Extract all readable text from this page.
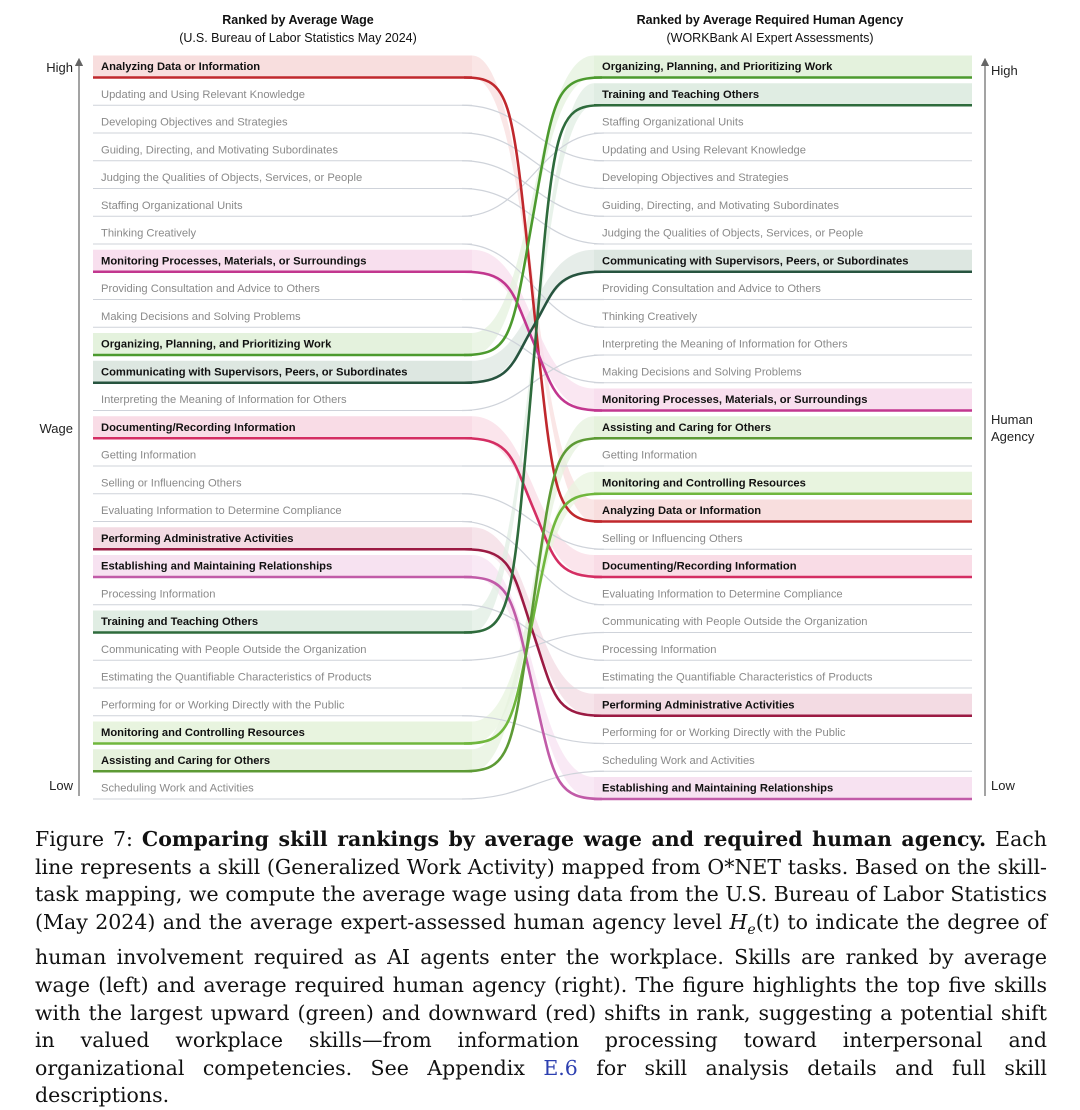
Ranked by Average Wage
(U.S. Bureau of Labor Statistics May 2024)
Ranked by Average Required Human Agency
(WORKBank AI Expert Assessments)
High
Wage
Low
High
Human
Agency
Low
Analyzing Data or Information
Updating and Using Relevant Knowledge
Developing Objectives and Strategies
Guiding, Directing, and Motivating Subordinates
Judging the Qualities of Objects, Services, or People
Staffing Organizational Units
Thinking Creatively
Monitoring Processes, Materials, or Surroundings
Providing Consultation and Advice to Others
Making Decisions and Solving Problems
Organizing, Planning, and Prioritizing Work
Communicating with Supervisors, Peers, or Subordinates
Interpreting the Meaning of Information for Others
Documenting/Recording Information
Getting Information
Selling or Influencing Others
Evaluating Information to Determine Compliance
Performing Administrative Activities
Establishing and Maintaining Relationships
Processing Information
Training and Teaching Others
Communicating with People Outside the Organization
Estimating the Quantifiable Characteristics of Products
Performing for or Working Directly with the Public
Monitoring and Controlling Resources
Assisting and Caring for Others
Scheduling Work and Activities
Organizing, Planning, and Prioritizing Work
Training and Teaching Others
Staffing Organizational Units
Updating and Using Relevant Knowledge
Developing Objectives and Strategies
Guiding, Directing, and Motivating Subordinates
Judging the Qualities of Objects, Services, or People
Communicating with Supervisors, Peers, or Subordinates
Providing Consultation and Advice to Others
Thinking Creatively
Interpreting the Meaning of Information for Others
Making Decisions and Solving Problems
Monitoring Processes, Materials, or Surroundings
Assisting and Caring for Others
Getting Information
Monitoring and Controlling Resources
Analyzing Data or Information
Selling or Influencing Others
Documenting/Recording Information
Evaluating Information to Determine Compliance
Communicating with People Outside the Organization
Processing Information
Estimating the Quantifiable Characteristics of Products
Performing Administrative Activities
Performing for or Working Directly with the Public
Scheduling Work and Activities
Establishing and Maintaining Relationships
Figure 7: Comparing skill rankings by average wage and required human agency. Each line represents a skill (Generalized Work Activity) mapped from O*NET tasks. Based on the skill-task mapping, we compute the average wage using data from the U.S. Bureau of Labor Statistics (May 2024) and the average expert-assessed human agency level $H_e(t)$ to indicate the degree of human involvement required as AI agents enter the workplace. Skills are ranked by average wage (left) and average required human agency (right). The figure highlights the top five skills with the largest upward (green) and downward (red) shifts in rank, suggesting a potential shift in valued workplace skills—from information processing toward interpersonal and organizational competencies. See Appendix E.6 for skill analysis details and full skill descriptions.
